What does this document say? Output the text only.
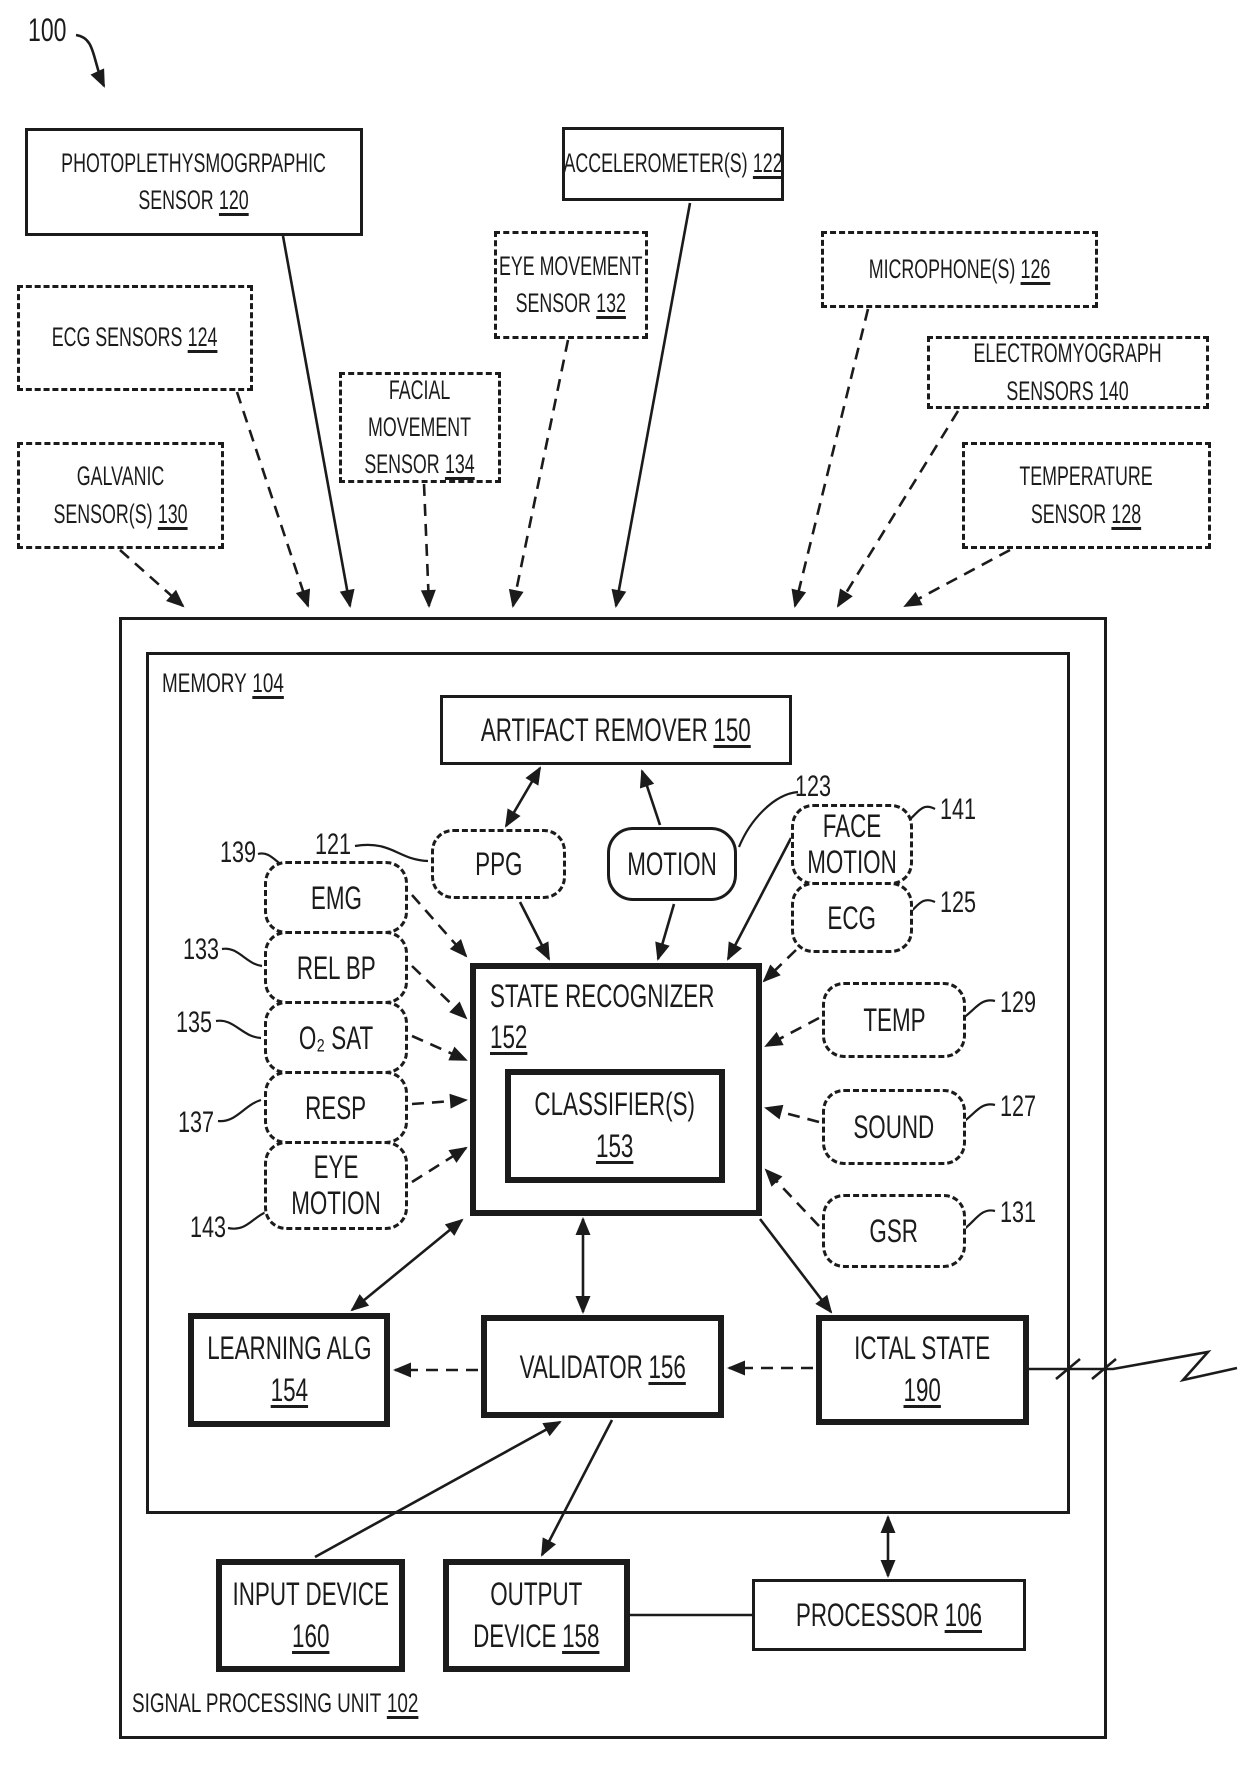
100
PHOTOPLETHYSMOGRPAPHIC
SENSOR 120
ACCELEROMETER(S) 122
ECG SENSORS 124
GALVANIC
SENSOR(S) 130
EYE MOVEMENT
SENSOR 132
MICROPHONE(S) 126
FACIAL
MOVEMENT
SENSOR 134
ELECTROMYOGRAPH
SENSORS 140
TEMPERATURE
SENSOR 128
MEMORY 104
SIGNAL PROCESSING UNIT 102
ARTIFACT REMOVER 150
PPG	MOTION
FACE
MOTION
ECG
EMG
REL BP
O₂ SAT
RESP
EYE
MOTION
TEMP
SOUND
GSR
STATE RECOGNIZER
152
CLASSIFIER(S)
153
LEARNING ALG
154
VALIDATOR 156
ICTAL STATE
190
INPUT DEVICE
160
OUTPUT
DEVICE 158
PROCESSOR 106
139 121
133
135
137
143
123
141
125
129
127
131
